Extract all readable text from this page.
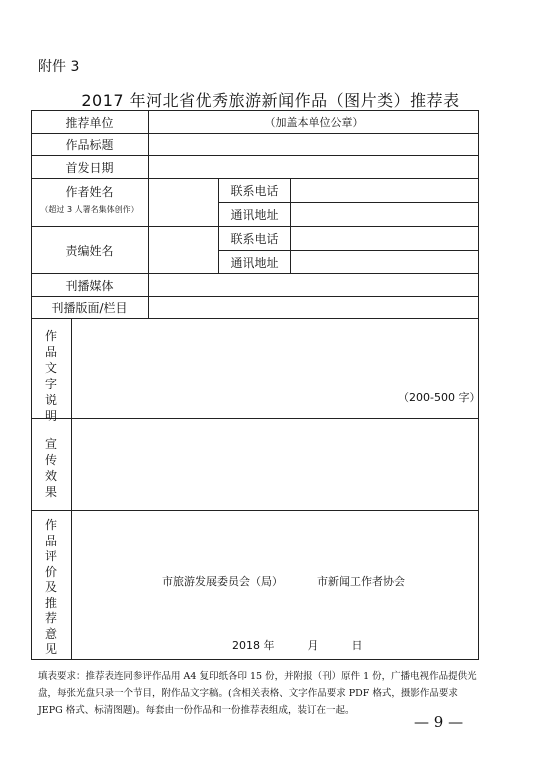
附件 3
2017 年河北省优秀旅游新闻作品（图片类）推荐表
推荐单位	（加盖本单位公章）
作品标题
首发日期
作者姓名
（超过 3 人署名集体创作）
联系电话
通讯地址
责编姓名
联系电话
通讯地址
刊播媒体
刊播版面/栏目
作
品
文
字
说
明
（200-500 字）
宣
传
效
果
作
品
评
价
及
推
荐
意
见
市旅游发展委员会（局）	市新闻工作者协会
2018 年　　　月　　　日
填表要求：推荐表连同参评作品用 A4 复印纸各印 15 份，并附报（刊）原件 1 份，广播电视作品提供光盘，每张光盘只录一个节目，附作品文字稿。(含相关表格、文字作品要求 PDF 格式，摄影作品要求 JEPG 格式、标清图题)。每套由一份作品和一份推荐表组成，装订在一起。
— 9 —
